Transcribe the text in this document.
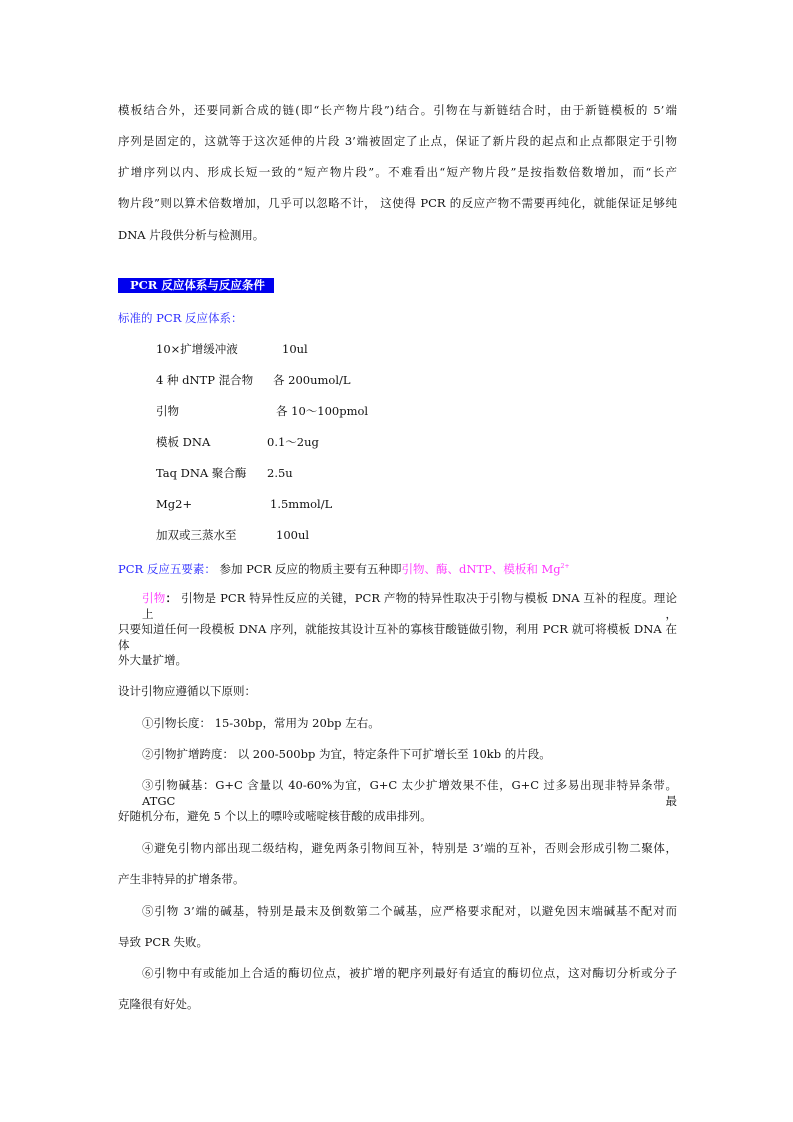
模板结合外，还要同新合成的链(即“长产物片段”)结合。引物在与新链结合时，由于新链模板的 5’端
序列是固定的，这就等于这次延伸的片段 3’端被固定了止点，保证了新片段的起点和止点都限定于引物
扩增序列以内、形成长短一致的“短产物片段”。不难看出“短产物片段”是按指数倍数增加，而“长产
物片段”则以算术倍数增加，几乎可以忽略不计， 这使得 PCR 的反应产物不需要再纯化，就能保证足够纯
DNA 片段供分析与检测用。
PCR 反应体系与反应条件
标准的 PCR 反应体系：
10×扩增缓冲液	10ul
4 种 dNTP 混合物 各 200umol/L
引物	各 10～100pmol
模板 DNA	0.1～2ug
Taq DNA 聚合酶 2.5u
Mg2+	1.5mmol/L
加双或三蒸水至	100ul
PCR 反应五要素： 参加 PCR 反应的物质主要有五种即引物、酶、dNTP、模板和 $Mg^{2+}$
引物： 引物是 PCR 特异性反应的关键，PCR 产物的特异性取决于引物与模板 DNA 互补的程度。理论上，
只要知道任何一段模板 DNA 序列，就能按其设计互补的寡核苷酸链做引物，利用 PCR 就可将模板 DNA 在体
外大量扩增。
设计引物应遵循以下原则：
①引物长度： 15-30bp，常用为 20bp 左右。
②引物扩增跨度： 以 200-500bp 为宜，特定条件下可扩增长至 10kb 的片段。
③引物碱基：G+C 含量以 40-60%为宜，G+C 太少扩增效果不佳，G+C 过多易出现非特异条带。ATGC 最
好随机分布，避免 5 个以上的嘌呤或嘧啶核苷酸的成串排列。
④避免引物内部出现二级结构，避免两条引物间互补，特别是 3’端的互补，否则会形成引物二聚体，
产生非特异的扩增条带。
⑤引物 3’端的碱基，特别是最末及倒数第二个碱基，应严格要求配对，以避免因末端碱基不配对而
导致 PCR 失败。
⑥引物中有或能加上合适的酶切位点，被扩增的靶序列最好有适宜的酶切位点，这对酶切分析或分子
克隆很有好处。
